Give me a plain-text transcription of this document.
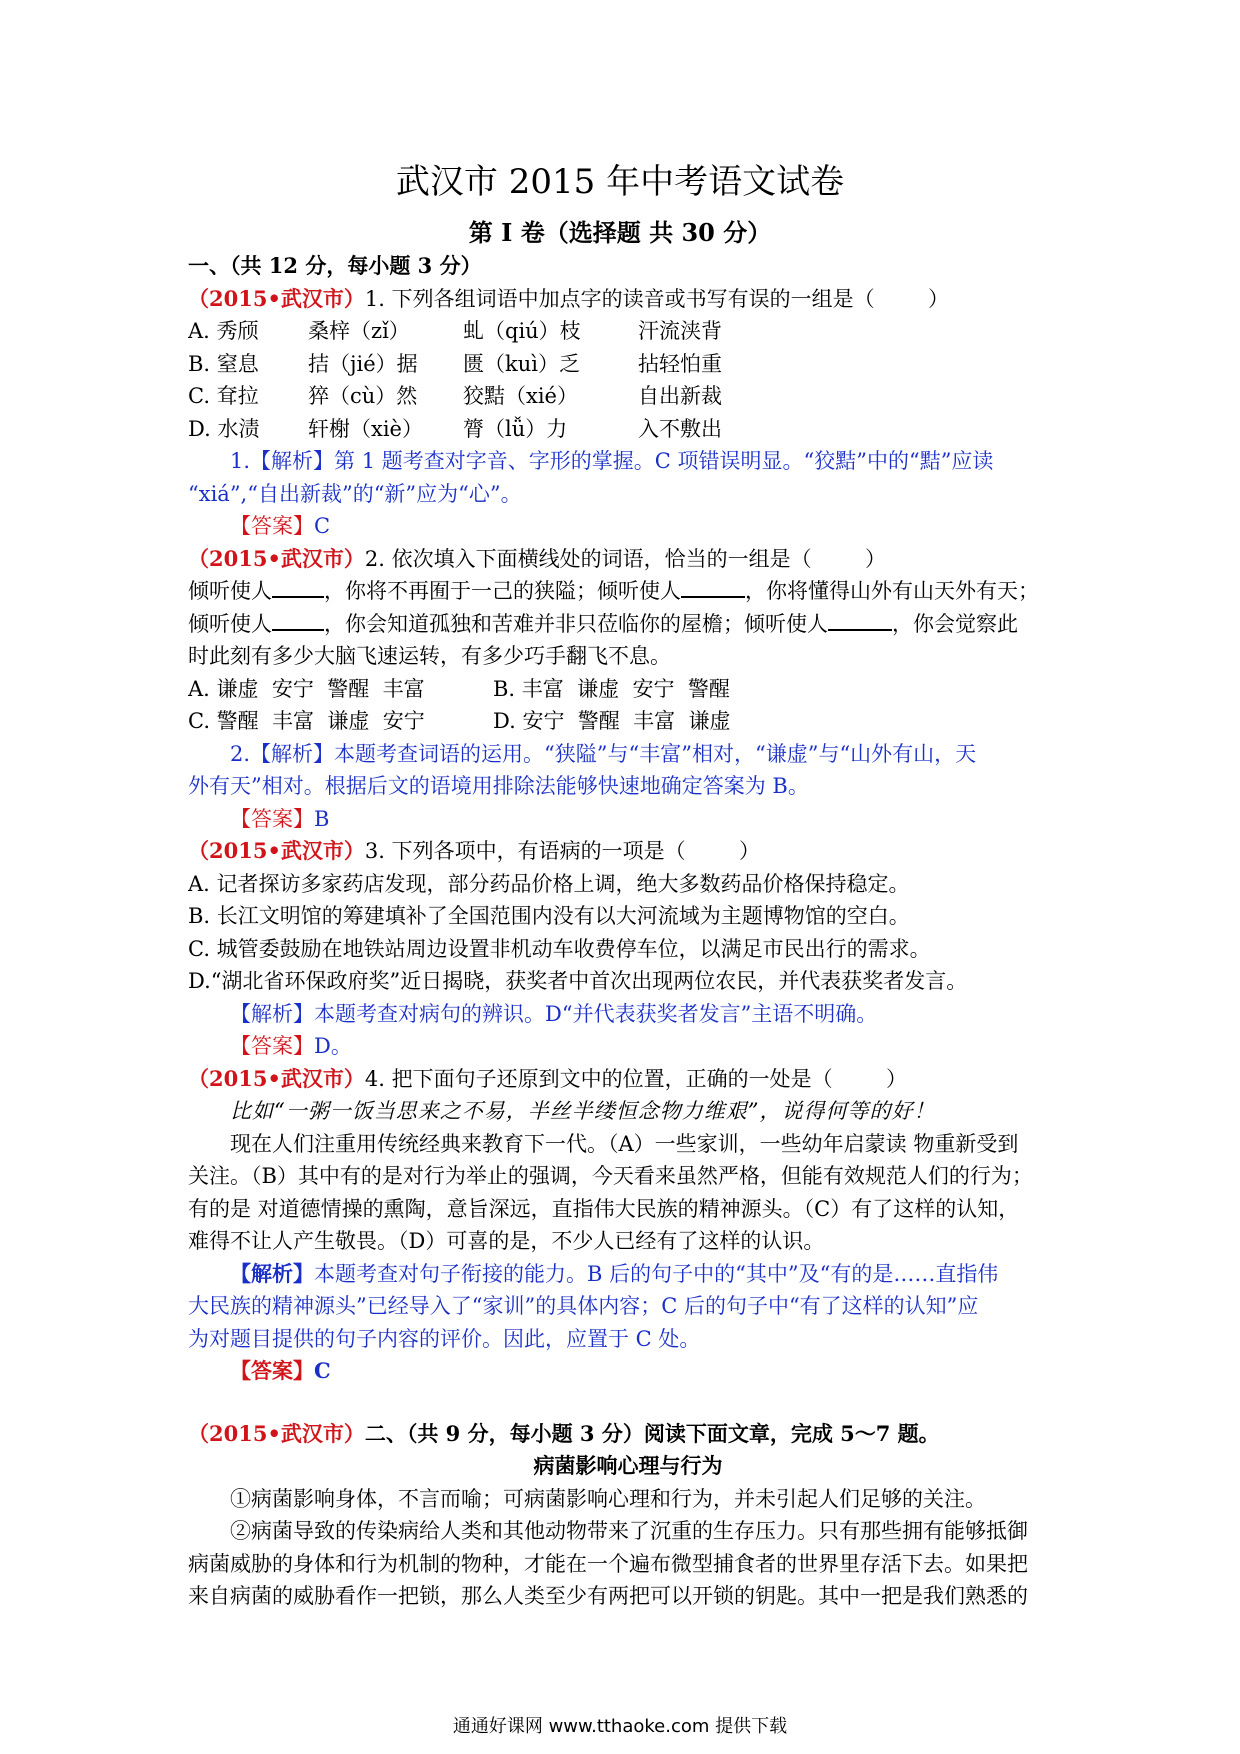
武汉市 2015 年中考语文试卷
第 I 卷（选择题 共 30 分）
一、（共 12 分，每小题 3 分）
（2015•武汉市）1. 下列各组词语中加点字的读音或书写有误的一组是（        ）
A. 秀颀 桑梓（zǐ）	虬（qiú）枝	汗流浃背
B. 窒息 拮（jié）据 匮（kuì）乏	拈轻怕重
C. 耷拉 猝（cù）然 狡黠（xié）	自出新裁
D. 水渍 轩榭（xiè） 膂（lǚ）力	入不敷出
1.【解析】第 1 题考查对字音、字形的掌握。C 项错误明显。“狡黠”中的“黠”应读
“xiá”,“自出新裁”的“新”应为“心”。
【答案】C
（2015•武汉市）2. 依次填入下面横线处的词语，恰当的一组是（        ）
倾听使人 ，你将不再囿于一己的狭隘；倾听使人	，你将懂得山外有山天外有天；
倾听使人 ，你会知道孤独和苦难并非只莅临你的屋檐；倾听使人	，你会觉察此
时此刻有多少大脑飞速运转，有多少巧手翻飞不息。
A. 谦虚  安宁  警醒  丰富	B. 丰富  谦虚  安宁  警醒
C. 警醒  丰富  谦虚  安宁	D. 安宁  警醒  丰富  谦虚
2.【解析】本题考查词语的运用。“狭隘”与“丰富”相对，“谦虚”与“山外有山，天
外有天”相对。根据后文的语境用排除法能够快速地确定答案为 B。
【答案】B
（2015•武汉市）3. 下列各项中，有语病的一项是（        ）
A. 记者探访多家药店发现，部分药品价格上调，绝大多数药品价格保持稳定。
B. 长江文明馆的筹建填补了全国范围内没有以大河流域为主题博物馆的空白。
C. 城管委鼓励在地铁站周边设置非机动车收费停车位，以满足市民出行的需求。
D.“湖北省环保政府奖”近日揭晓，获奖者中首次出现两位农民，并代表获奖者发言。
【解析】本题考查对病句的辨识。D“并代表获奖者发言”主语不明确。
【答案】D。
（2015•武汉市）4. 把下面句子还原到文中的位置，正确的一处是（        ）
比如“一粥一饭当思来之不易，半丝半缕恒念物力维艰”，说得何等的好！
现在人们注重用传统经典来教育下一代。（A）一些家训，一些幼年启蒙读 物重新受到
关注。（B）其中有的是对行为举止的强调，今天看来虽然严格，但能有效规范人们的行为；
有的是 对道德情操的熏陶，意旨深远，直指伟大民族的精神源头。（C）有了这样的认知，
难得不让人产生敬畏。（D）可喜的是，不少人已经有了这样的认识。
【解析】本题考查对句子衔接的能力。B 后的句子中的“其中”及“有的是……直指伟
大民族的精神源头”已经导入了“家训”的具体内容；C 后的句子中“有了这样的认知”应
为对题目提供的句子内容的评价。因此，应置于 C 处。
【答案】C
（2015•武汉市）二、（共 9 分，每小题 3 分）阅读下面文章，完成 5～7 题。
病菌影响心理与行为
①病菌影响身体，不言而喻；可病菌影响心理和行为，并未引起人们足够的关注。
②病菌导致的传染病给人类和其他动物带来了沉重的生存压力。只有那些拥有能够抵御
病菌威胁的身体和行为机制的物种，才能在一个遍布微型捕食者的世界里存活下去。如果把
来自病菌的威胁看作一把锁，那么人类至少有两把可以开锁的钥匙。其中一把是我们熟悉的
通通好课网 www.tthaoke.com 提供下载
